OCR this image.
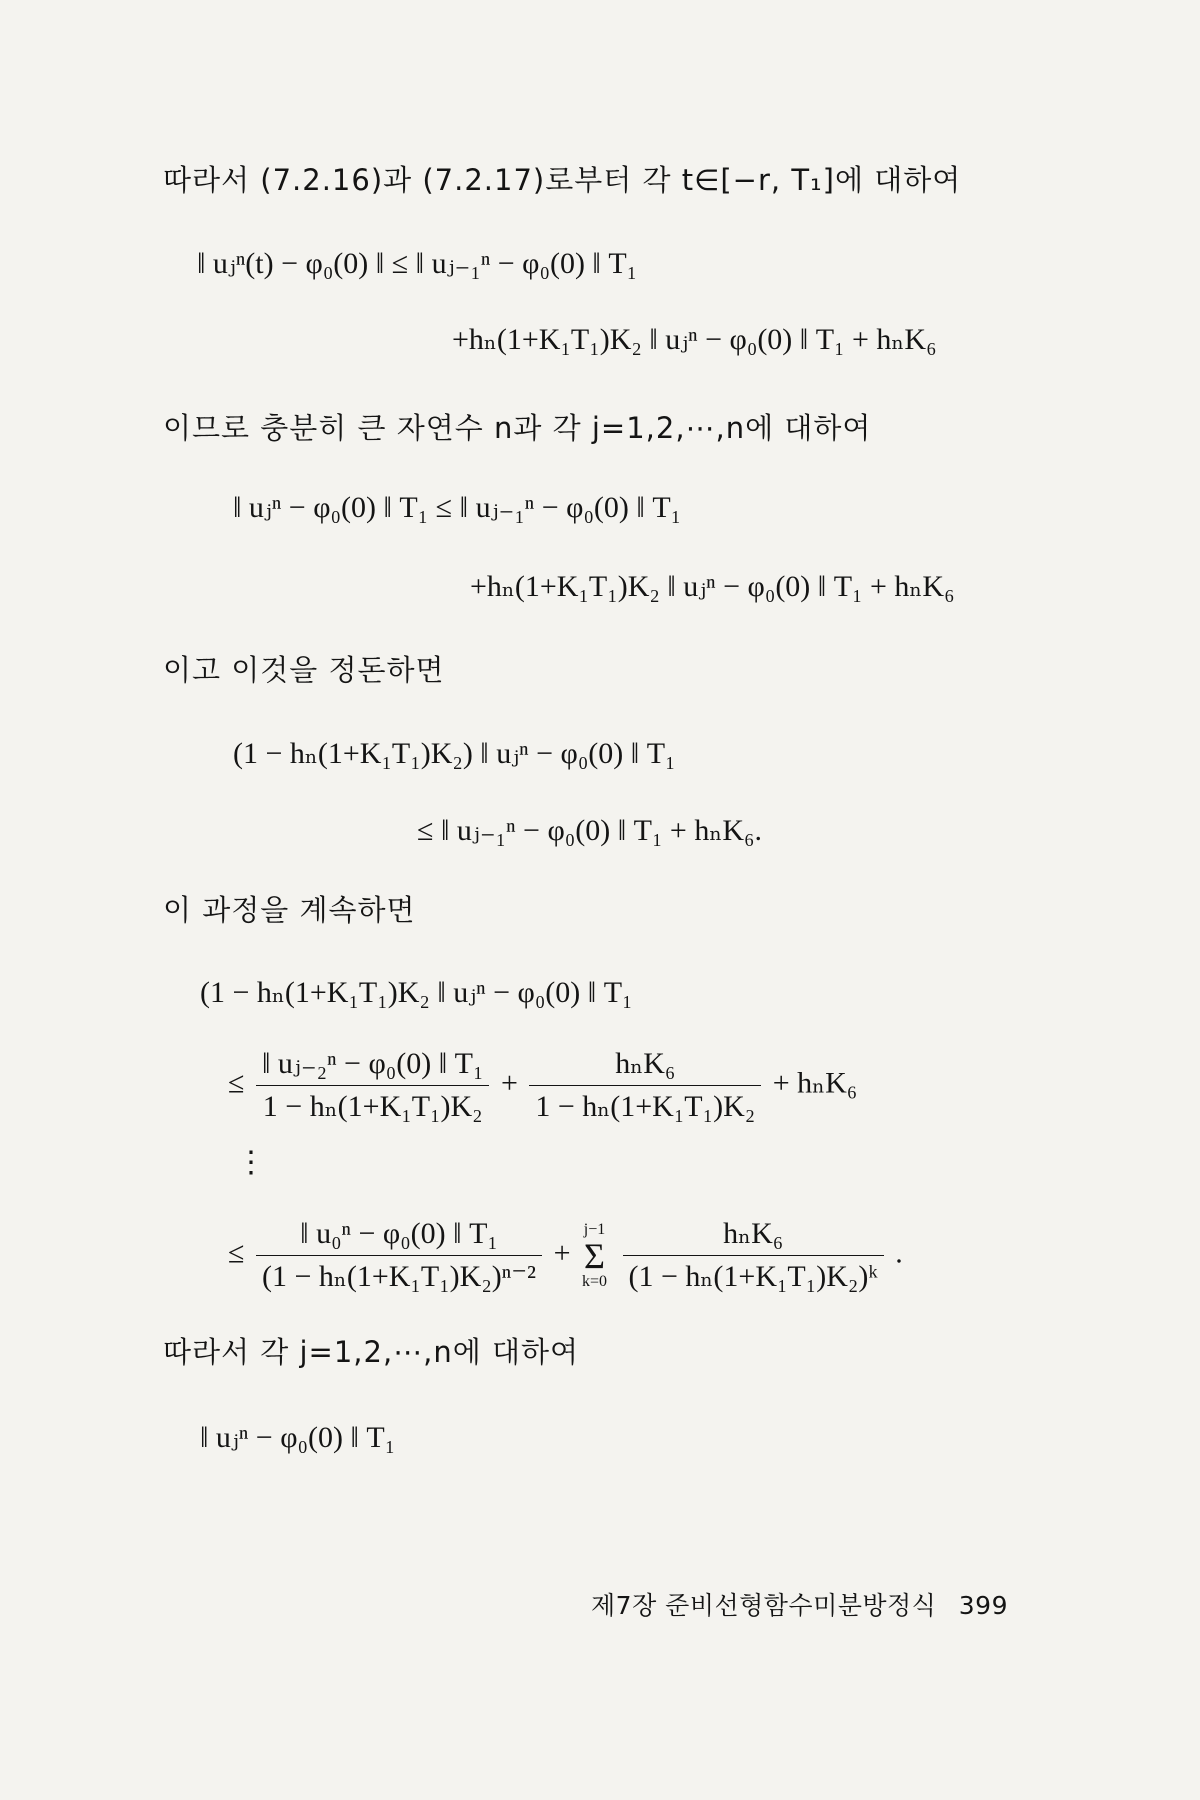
따라서 (7.2.16)과 (7.2.17)로부터 각 t∈[−r, T₁]에 대하여
‖ uⱼⁿ(t) − φ₀(0) ‖ ≤ ‖ uⱼ₋₁ⁿ − φ₀(0) ‖ T₁
+hₙ(1+K₁T₁)K₂ ‖ uⱼⁿ − φ₀(0) ‖ T₁ + hₙK₆
이므로 충분히 큰 자연수 n과 각 j=1,2,⋯,n에 대하여
‖ uⱼⁿ − φ₀(0) ‖ T₁ ≤ ‖ uⱼ₋₁ⁿ − φ₀(0) ‖ T₁
+hₙ(1+K₁T₁)K₂ ‖ uⱼⁿ − φ₀(0) ‖ T₁ + hₙK₆
이고 이것을 정돈하면
(1 − hₙ(1+K₁T₁)K₂) ‖ uⱼⁿ − φ₀(0) ‖ T₁
≤ ‖ uⱼ₋₁ⁿ − φ₀(0) ‖ T₁ + hₙK₆.
이 과정을 계속하면
(1 − hₙ(1+K₁T₁)K₂ ‖ uⱼⁿ − φ₀(0) ‖ T₁
≤ $\frac{\text{‖ uⱼ₋₂ⁿ − φ₀(0) ‖ T₁}}{\text{1 − hₙ(1+K₁T₁)K₂}} + \frac{\text{hₙK₆}}{\text{1 − hₙ(1+K₁T₁)K₂}} + h_nK_6$
⋮
≤ $\frac{\text{‖ u₀ⁿ − φ₀(0) ‖ T₁}}{\text{(1 − hₙ(1+K₁T₁)K₂)ⁿ⁻²}} + j-1$
Σ
$k=0 \frac{\text{hₙK₆}}{\text{(1 − hₙ(1+K₁T₁)K₂)ᵏ}}$ .
따라서 각 j=1,2,⋯,n에 대하여
‖ uⱼⁿ − φ₀(0) ‖ T₁
제7장 준비선형함수미분방정식 399
